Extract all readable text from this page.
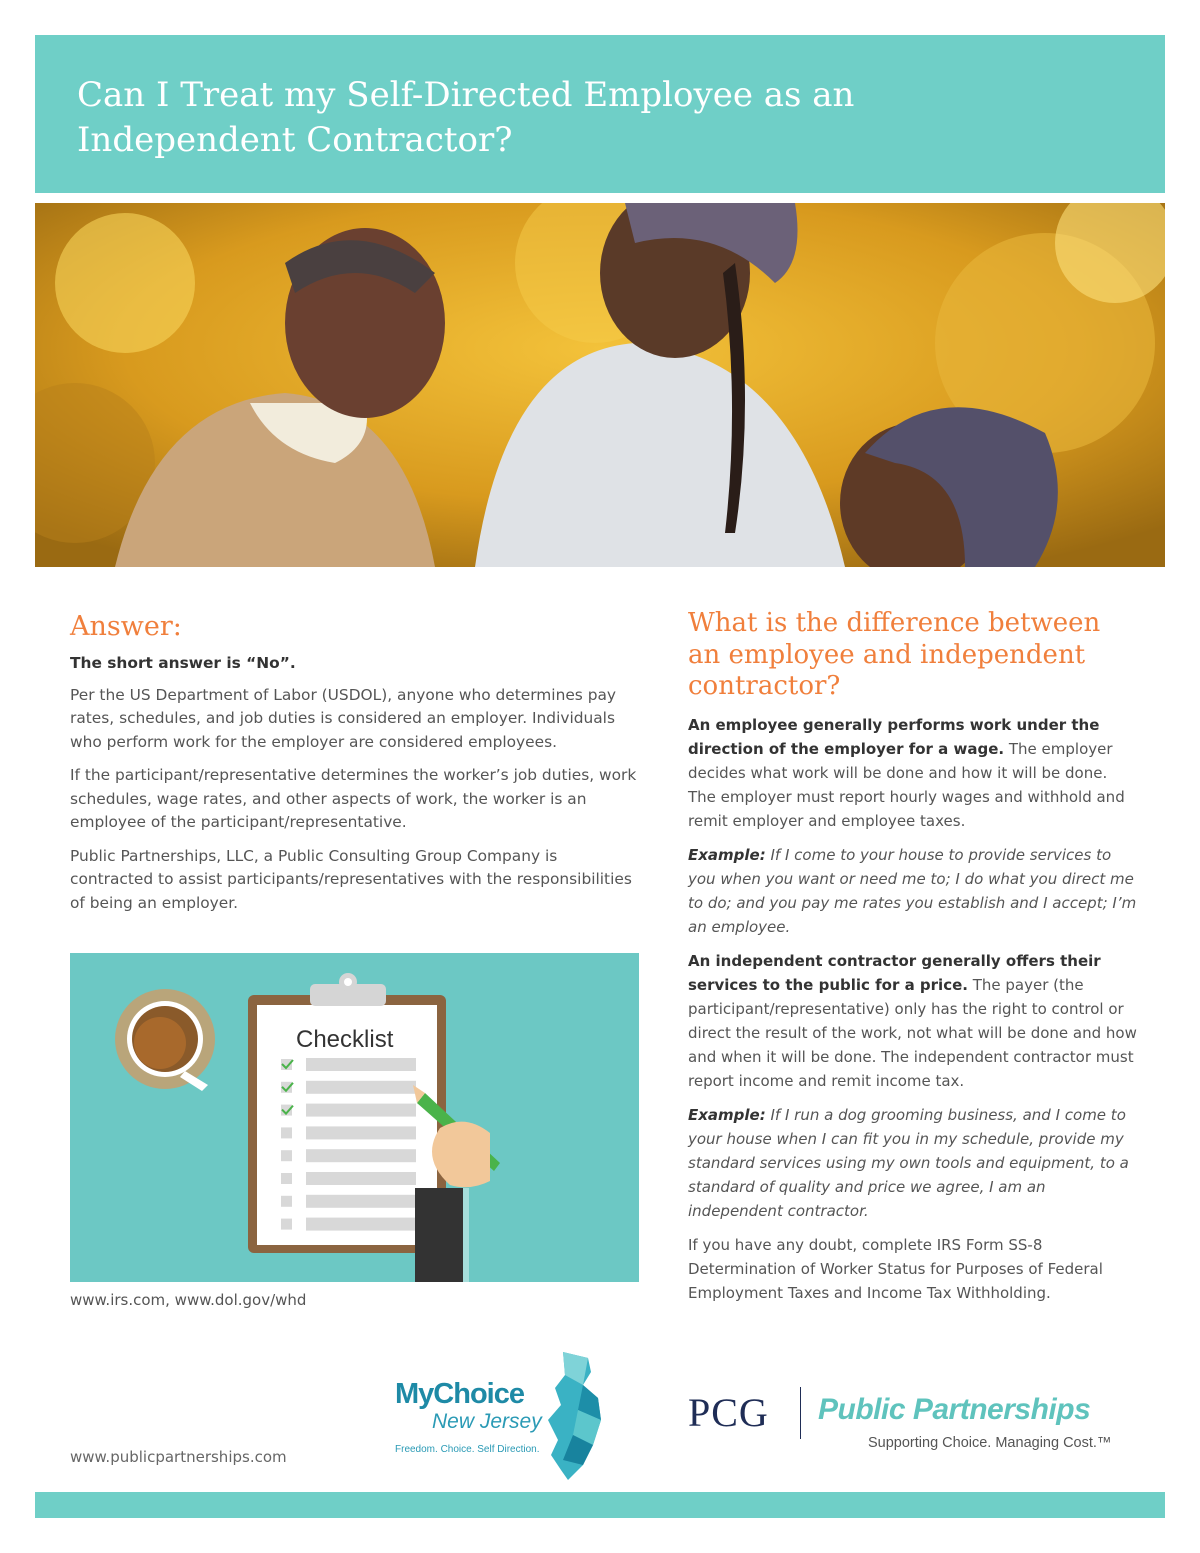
Can I Treat my Self-Directed Employee as an Independent Contractor?
Answer:

The short answer is “No”.

Per the US Department of Labor (USDOL), anyone who determines pay rates, schedules, and job duties is considered an employer. Individuals who perform work for the employer are considered employees.

If the participant/representative determines the worker’s job duties, work schedules, wage rates, and other aspects of work, the worker is an employee of the participant/representative.

Public Partnerships, LLC, a Public Consulting Group Company is contracted to assist participants/representatives with the responsibilities of being an employer.

Checklist
www.irs.com, www.dol.gov/whd
What is the difference between an employee and independent contractor?

An employee generally performs work under the direction of the employer for a wage. The employer decides what work will be done and how it will be done. The employer must report hourly wages and withhold and remit employer and employee taxes.

Example: If I come to your house to provide services to you when you want or need me to; I do what you direct me to do; and you pay me rates you establish and I accept; I’m an employee.

An independent contractor generally offers their services to the public for a price. The payer (the participant/representative) only has the right to control or direct the result of the work, not what will be done and how and when it will be done. The independent contractor must report income and remit income tax.

Example: If I run a dog grooming business, and I come to your house when I can fit you in my schedule, provide my standard services using my own tools and equipment, to a standard of quality and price we agree, I am an independent contractor.

If you have any doubt, complete IRS Form SS-8 Determination of Worker Status for Purposes of Federal Employment Taxes and Income Tax Withholding.

MyChoice
New Jersey
Freedom. Choice. Self Direction.
www.publicpartnerships.com
PCG Public Partnerships
Supporting Choice. Managing Cost.™
